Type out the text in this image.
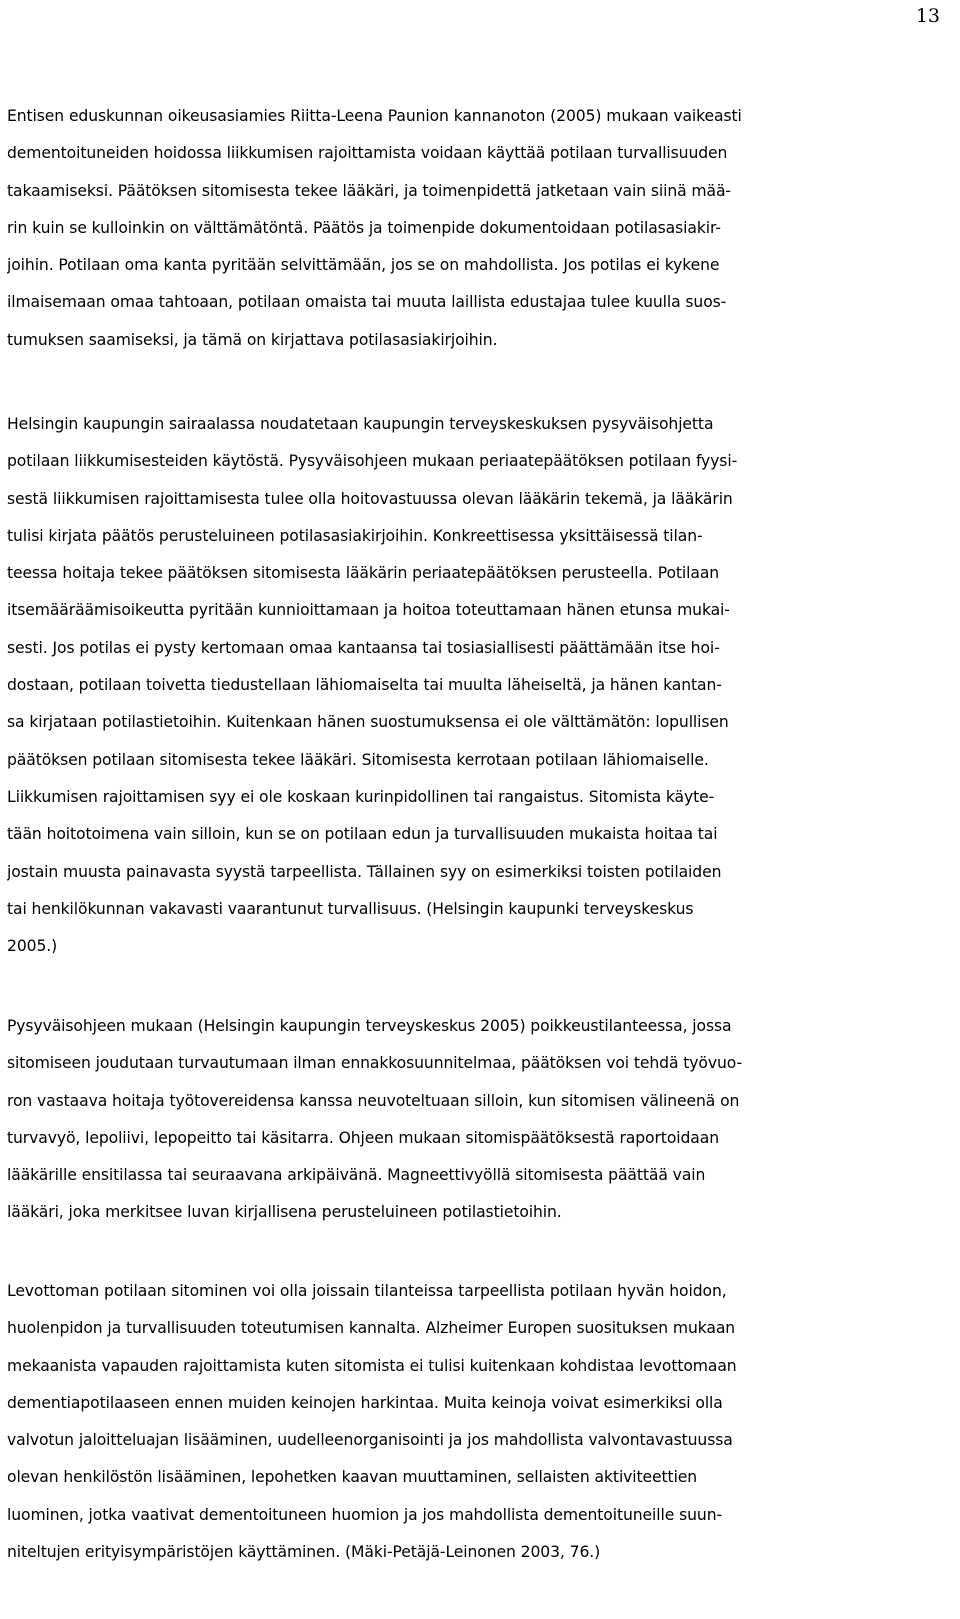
13
Entisen eduskunnan oikeusasiamies Riitta-Leena Paunion kannanoton (2005) mukaan vaikeasti
dementoituneiden hoidossa liikkumisen rajoittamista voidaan käyttää potilaan turvallisuuden
takaamiseksi. Päätöksen sitomisesta tekee lääkäri, ja toimenpidettä jatketaan vain siinä mää-
rin kuin se kulloinkin on välttämätöntä. Päätös ja toimenpide dokumentoidaan potilasasiakir-
joihin. Potilaan oma kanta pyritään selvittämään, jos se on mahdollista. Jos potilas ei kykene
ilmaisemaan omaa tahtoaan, potilaan omaista tai muuta laillista edustajaa tulee kuulla suos-
tumuksen saamiseksi, ja tämä on kirjattava potilasasiakirjoihin.
Helsingin kaupungin sairaalassa noudatetaan kaupungin terveyskeskuksen pysyväisohjetta
potilaan liikkumisesteiden käytöstä. Pysyväisohjeen mukaan periaatepäätöksen potilaan fyysi-
sestä liikkumisen rajoittamisesta tulee olla hoitovastuussa olevan lääkärin tekemä, ja lääkärin
tulisi kirjata päätös perusteluineen potilasasiakirjoihin. Konkreettisessa yksittäisessä tilan-
teessa hoitaja tekee päätöksen sitomisesta lääkärin periaatepäätöksen perusteella. Potilaan
itsemääräämisoikeutta pyritään kunnioittamaan ja hoitoa toteuttamaan hänen etunsa mukai-
sesti. Jos potilas ei pysty kertomaan omaa kantaansa tai tosiasiallisesti päättämään itse hoi-
dostaan, potilaan toivetta tiedustellaan lähiomaiselta tai muulta läheiseltä, ja hänen kantan-
sa kirjataan potilastietoihin. Kuitenkaan hänen suostumuksensa ei ole välttämätön: lopullisen
päätöksen potilaan sitomisesta tekee lääkäri. Sitomisesta kerrotaan potilaan lähiomaiselle.
Liikkumisen rajoittamisen syy ei ole koskaan kurinpidollinen tai rangaistus. Sitomista käyte-
tään hoitotoimena vain silloin, kun se on potilaan edun ja turvallisuuden mukaista hoitaa tai
jostain muusta painavasta syystä tarpeellista. Tällainen syy on esimerkiksi toisten potilaiden
tai henkilökunnan vakavasti vaarantunut turvallisuus. (Helsingin kaupunki terveyskeskus
2005.)
Pysyväisohjeen mukaan (Helsingin kaupungin terveyskeskus 2005) poikkeustilanteessa, jossa
sitomiseen joudutaan turvautumaan ilman ennakkosuunnitelmaa, päätöksen voi tehdä työvuo-
ron vastaava hoitaja työtovereidensa kanssa neuvoteltuaan silloin, kun sitomisen välineenä on
turvavyö, lepoliivi, lepopeitto tai käsitarra. Ohjeen mukaan sitomispäätöksestä raportoidaan
lääkärille ensitilassa tai seuraavana arkipäivänä. Magneettivyöllä sitomisesta päättää vain
lääkäri, joka merkitsee luvan kirjallisena perusteluineen potilastietoihin.
Levottoman potilaan sitominen voi olla joissain tilanteissa tarpeellista potilaan hyvän hoidon,
huolenpidon ja turvallisuuden toteutumisen kannalta. Alzheimer Europen suosituksen mukaan
mekaanista vapauden rajoittamista kuten sitomista ei tulisi kuitenkaan kohdistaa levottomaan
dementiapotilaaseen ennen muiden keinojen harkintaa. Muita keinoja voivat esimerkiksi olla
valvotun jaloitteluajan lisääminen, uudelleenorganisointi ja jos mahdollista valvontavastuussa
olevan henkilöstön lisääminen, lepohetken kaavan muuttaminen, sellaisten aktiviteettien
luominen, jotka vaativat dementoituneen huomion ja jos mahdollista dementoituneille suun-
niteltujen erityisympäristöjen käyttäminen. (Mäki-Petäjä-Leinonen 2003, 76.)
